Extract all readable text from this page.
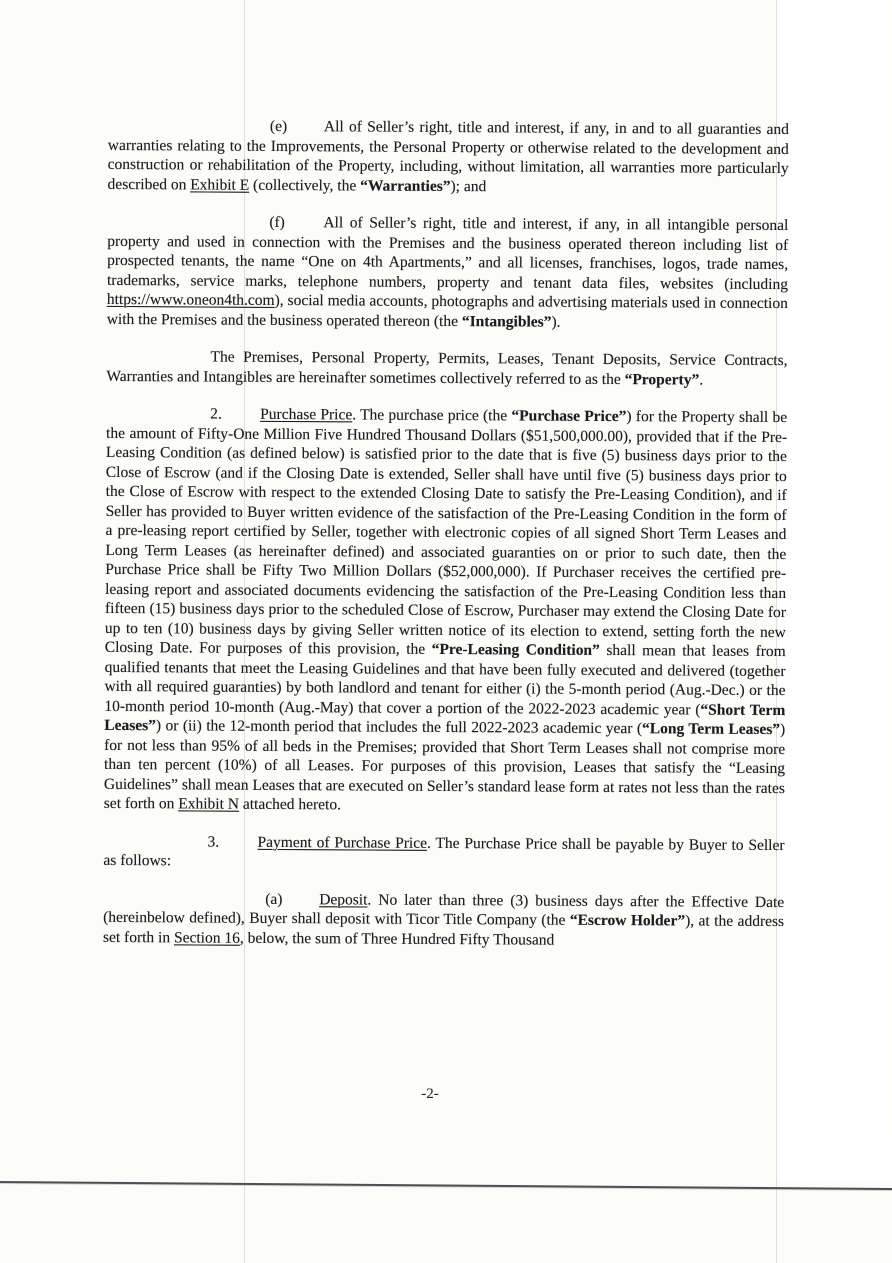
(e) All of Seller’s right, title and interest, if any, in and to all guaranties and warranties relating to the Improvements, the Personal Property or otherwise related to the development and construction or rehabilitation of the Property, including, without limitation, all warranties more particularly described on Exhibit E (collectively, the “Warranties”); and

(f) All of Seller’s right, title and interest, if any, in all intangible personal property and used in connection with the Premises and the business operated thereon including list of prospected tenants, the name “One on 4th Apartments,” and all licenses, franchises, logos, trade names, trademarks, service marks, telephone numbers, property and tenant data files, websites (including https://www.oneon4th.com), social media accounts, photographs and advertising materials used in connection with the Premises and the business operated thereon (the “Intangibles”).

The Premises, Personal Property, Permits, Leases, Tenant Deposits, Service Contracts, Warranties and Intangibles are hereinafter sometimes collectively referred to as the “Property”.

2. Purchase Price. The purchase price (the “Purchase Price”) for the Property shall be the amount of Fifty-One Million Five Hundred Thousand Dollars ($51,500,000.00), provided that if the Pre-Leasing Condition (as defined below) is satisfied prior to the date that is five (5) business days prior to the Close of Escrow (and if the Closing Date is extended, Seller shall have until five (5) business days prior to the Close of Escrow with respect to the extended Closing Date to satisfy the Pre-Leasing Condition), and if Seller has provided to Buyer written evidence of the satisfaction of the Pre-Leasing Condition in the form of a pre-leasing report certified by Seller, together with electronic copies of all signed Short Term Leases and Long Term Leases (as hereinafter defined) and associated guaranties on or prior to such date, then the Purchase Price shall be Fifty Two Million Dollars ($52,000,000). If Purchaser receives the certified pre-leasing report and associated documents evidencing the satisfaction of the Pre-Leasing Condition less than fifteen (15) business days prior to the scheduled Close of Escrow, Purchaser may extend the Closing Date for up to ten (10) business days by giving Seller written notice of its election to extend, setting forth the new Closing Date. For purposes of this provision, the “Pre-Leasing Condition” shall mean that leases from qualified tenants that meet the Leasing Guidelines and that have been fully executed and delivered (together with all required guaranties) by both landlord and tenant for either (i) the 5-month period (Aug.-Dec.) or the 10-month period 10-month (Aug.-May) that cover a portion of the 2022-2023 academic year (“Short Term Leases”) or (ii) the 12-month period that includes the full 2022-2023 academic year (“Long Term Leases”) for not less than 95% of all beds in the Premises; provided that Short Term Leases shall not comprise more than ten percent (10%) of all Leases. For purposes of this provision, Leases that satisfy the “Leasing Guidelines” shall mean Leases that are executed on Seller’s standard lease form at rates not less than the rates set forth on Exhibit N attached hereto.

3. Payment of Purchase Price. The Purchase Price shall be payable by Buyer to Seller as follows:

(a) Deposit. No later than three (3) business days after the Effective Date (hereinbelow defined), Buyer shall deposit with Ticor Title Company (the “Escrow Holder”), at the address set forth in Section 16, below, the sum of Three Hundred Fifty Thousand

-2-
